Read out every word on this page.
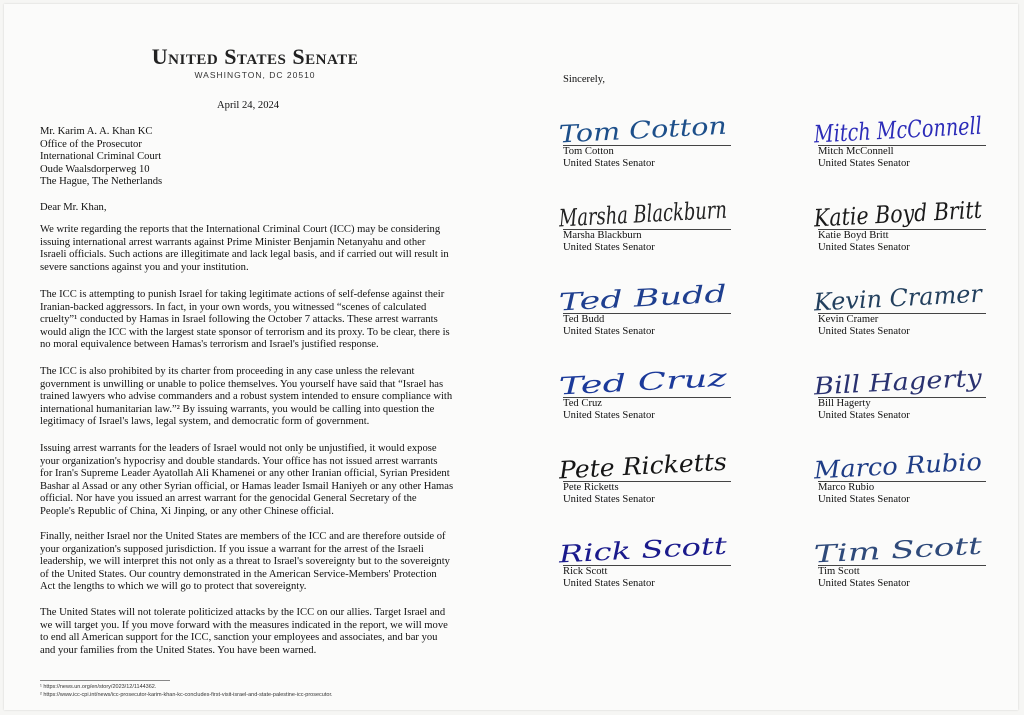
United States Senate
WASHINGTON, DC 20510
April 24, 2024
Mr. Karim A. A. Khan KC
Office of the Prosecutor
International Criminal Court
Oude Waalsdorperweg 10
The Hague, The Netherlands
Dear Mr. Khan,
We write regarding the reports that the International Criminal Court (ICC) may be considering
issuing international arrest warrants against Prime Minister Benjamin Netanyahu and other
Israeli officials. Such actions are illegitimate and lack legal basis, and if carried out will result in
severe sanctions against you and your institution.
The ICC is attempting to punish Israel for taking legitimate actions of self-defense against their
Iranian-backed aggressors. In fact, in your own words, you witnessed “scenes of calculated
cruelty”¹ conducted by Hamas in Israel following the October 7 attacks. These arrest warrants
would align the ICC with the largest state sponsor of terrorism and its proxy. To be clear, there is
no moral equivalence between Hamas's terrorism and Israel's justified response.
The ICC is also prohibited by its charter from proceeding in any case unless the relevant
government is unwilling or unable to police themselves. You yourself have said that “Israel has
trained lawyers who advise commanders and a robust system intended to ensure compliance with
international humanitarian law.”² By issuing warrants, you would be calling into question the
legitimacy of Israel's laws, legal system, and democratic form of government.
Issuing arrest warrants for the leaders of Israel would not only be unjustified, it would expose
your organization's hypocrisy and double standards. Your office has not issued arrest warrants
for Iran's Supreme Leader Ayatollah Ali Khamenei or any other Iranian official, Syrian President
Bashar al Assad or any other Syrian official, or Hamas leader Ismail Haniyeh or any other Hamas
official. Nor have you issued an arrest warrant for the genocidal General Secretary of the
People's Republic of China, Xi Jinping, or any other Chinese official.
Finally, neither Israel nor the United States are members of the ICC and are therefore outside of
your organization's supposed jurisdiction. If you issue a warrant for the arrest of the Israeli
leadership, we will interpret this not only as a threat to Israel's sovereignty but to the sovereignty
of the United States. Our country demonstrated in the American Service-Members' Protection
Act the lengths to which we will go to protect that sovereignty.
The United States will not tolerate politicized attacks by the ICC on our allies. Target Israel and
we will target you. If you move forward with the measures indicated in the report, we will move
to end all American support for the ICC, sanction your employees and associates, and bar you
and your families from the United States. You have been warned.
¹ https://news.un.org/en/story/2023/12/1144362.
² https://www.icc-cpi.int/news/icc-prosecutor-karim-khan-kc-concludes-first-visit-israel-and-state-palestine-icc-prosecutor.
Sincerely,
Tom Cotton
Tom Cotton
United States Senator
Mitch McConnell
Mitch McConnell
United States Senator
Marsha Blackburn
Marsha Blackburn
United States Senator
Katie Boyd Britt
Katie Boyd Britt
United States Senator
Ted Budd
Ted Budd
United States Senator
Kevin Cramer
Kevin Cramer
United States Senator
Ted Cruz
Ted Cruz
United States Senator
Bill Hagerty
Bill Hagerty
United States Senator
Pete Ricketts
Pete Ricketts
United States Senator
Marco Rubio
Marco Rubio
United States Senator
Rick Scott
Rick Scott
United States Senator
Tim Scott
Tim Scott
United States Senator
